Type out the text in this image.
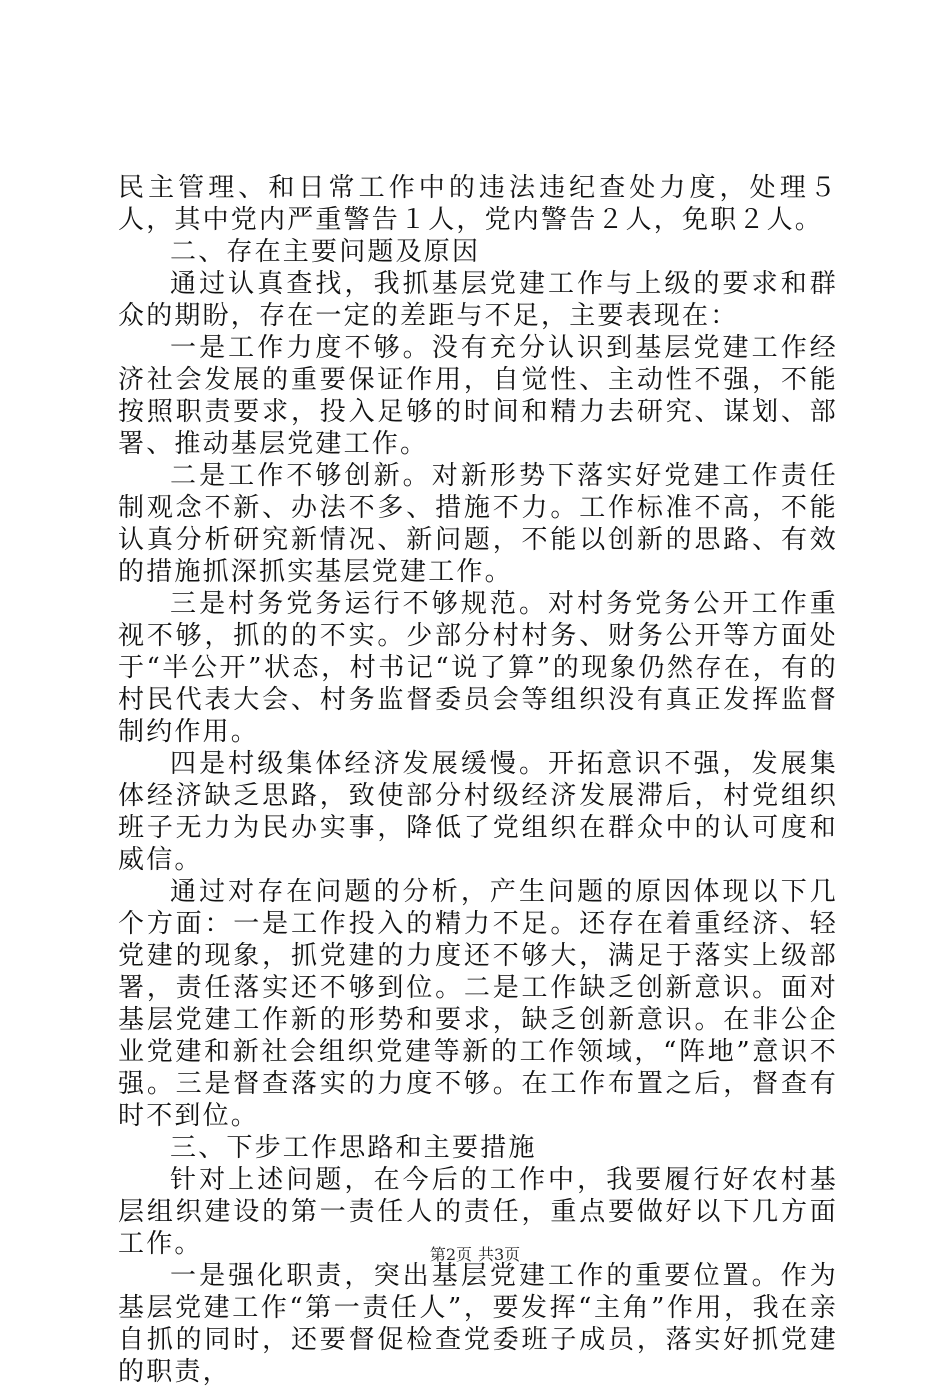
民主管理、和日常工作中的违法违纪查处力度，处理５人，其中党内严重警告１人，党内警告２人，免职２人。

二、存在主要问题及原因

通过认真查找，我抓基层党建工作与上级的要求和群众的期盼，存在一定的差距与不足，主要表现在：

一是工作力度不够。没有充分认识到基层党建工作经济社会发展的重要保证作用，自觉性、主动性不强，不能按照职责要求，投入足够的时间和精力去研究、谋划、部署、推动基层党建工作。

二是工作不够创新。对新形势下落实好党建工作责任制观念不新、办法不多、措施不力。工作标准不高，不能认真分析研究新情况、新问题，不能以创新的思路、有效的措施抓深抓实基层党建工作。

三是村务党务运行不够规范。对村务党务公开工作重视不够，抓的的不实。少部分村村务、财务公开等方面处于“半公开”状态，村书记“说了算”的现象仍然存在，有的村民代表大会、村务监督委员会等组织没有真正发挥监督制约作用。

四是村级集体经济发展缓慢。开拓意识不强，发展集体经济缺乏思路，致使部分村级经济发展滞后，村党组织班子无力为民办实事，降低了党组织在群众中的认可度和威信。

通过对存在问题的分析，产生问题的原因体现以下几个方面：一是工作投入的精力不足。还存在着重经济、轻党建的现象，抓党建的力度还不够大，满足于落实上级部署，责任落实还不够到位。二是工作缺乏创新意识。面对基层党建工作新的形势和要求，缺乏创新意识。在非公企业党建和新社会组织党建等新的工作领域，“阵地”意识不强。三是督查落实的力度不够。在工作布置之后，督查有时不到位。

三、下步工作思路和主要措施

针对上述问题，在今后的工作中，我要履行好农村基层组织建设的第一责任人的责任，重点要做好以下几方面工作。

一是强化职责，突出基层党建工作的重要位置。作为基层党建工作“第一责任人”，要发挥“主角”作用，我在亲自抓的同时，还要督促检查党委班子成员，落实好抓党建的职责，

第2页 共3页
